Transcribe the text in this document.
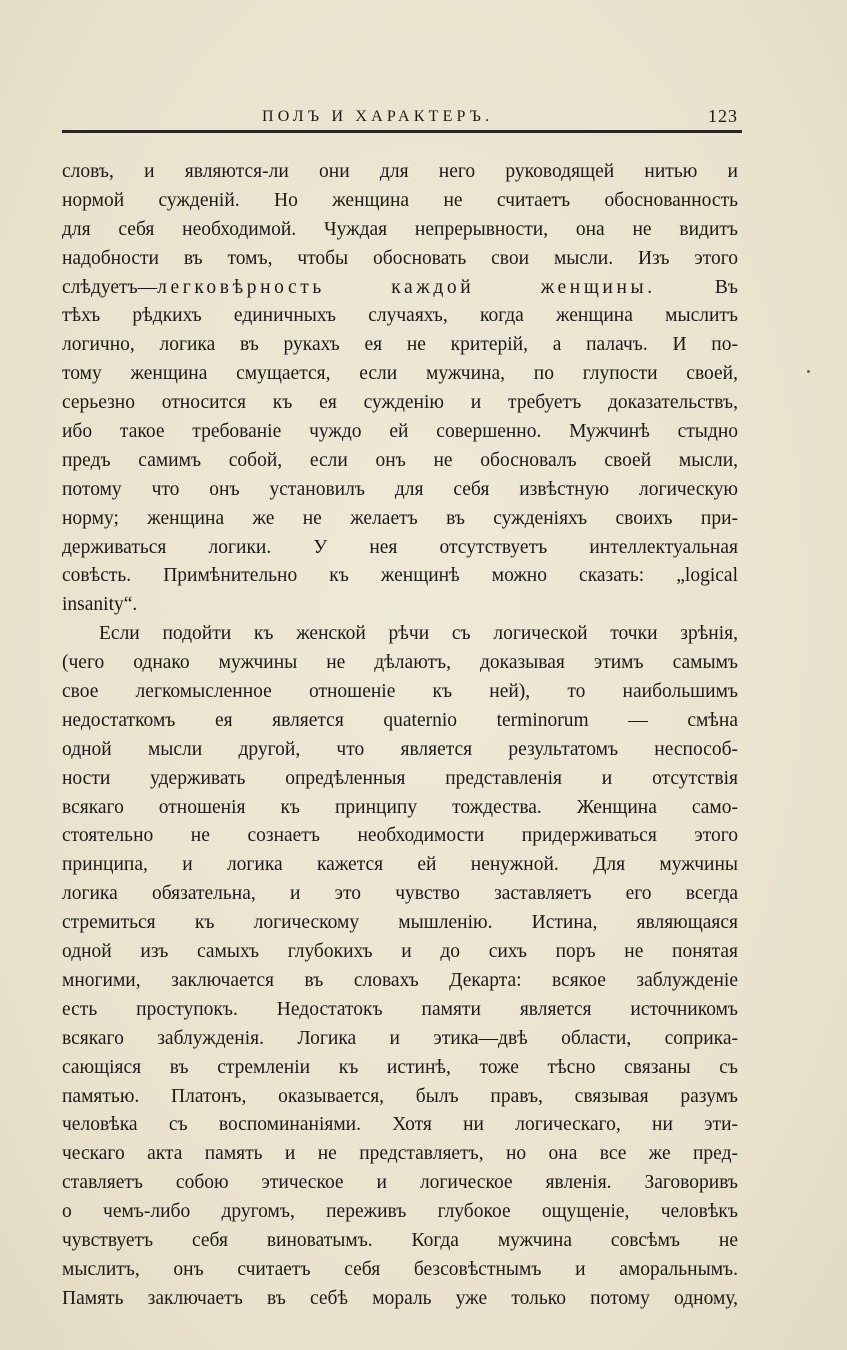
ПОЛЪ И ХАРАКТЕРЪ.	123
словъ, и являются-ли они для него руководящей нитью и
нормой сужденій. Но женщина не считаетъ обоснованность
для себя необходимой. Чуждая непрерывности, она не видитъ
надобности въ томъ, чтобы обосновать свои мысли. Изъ этого
слѣдуетъ—легковѣрность каждой женщины. Въ
тѣхъ рѣдкихъ единичныхъ случаяхъ, когда женщина мыслитъ
логично, логика въ рукахъ ея не критерій, а палачъ. И по-
тому женщина смущается, если мужчина, по глупости своей,
серьезно относится къ ея сужденію и требуетъ доказательствъ,
ибо такое требованіе чуждо ей совершенно. Мужчинѣ стыдно
предъ самимъ собой, если онъ не обосновалъ своей мысли,
потому что онъ установилъ для себя извѣстную логическую
норму; женщина же не желаетъ въ сужденіяхъ своихъ при-
держиваться логики. У нея отсутствуетъ интеллектуальная
совѣсть. Примѣнительно къ женщинѣ можно сказать: „logical
insanity“.
Если подойти къ женской рѣчи съ логической точки зрѣнія,
(чего однако мужчины не дѣлаютъ, доказывая этимъ самымъ
свое легкомысленное отношеніе къ ней), то наибольшимъ
недостаткомъ ея является quaternio terminorum — смѣна
одной мысли другой, что является результатомъ неспособ-
ности удерживать опредѣленныя представленія и отсутствія
всякаго отношенія къ принципу тождества. Женщина само-
стоятельно не сознаетъ необходимости придерживаться этого
принципа, и логика кажется ей ненужной. Для мужчины
логика обязательна, и это чувство заставляетъ его всегда
стремиться къ логическому мышленію. Истина, являющаяся
одной изъ самыхъ глубокихъ и до сихъ поръ не понятая
многими, заключается въ словахъ Декарта: всякое заблужденіе
есть проступокъ. Недостатокъ памяти является источникомъ
всякаго заблужденія. Логика и этика—двѣ области, соприка-
сающіяся въ стремленіи къ истинѣ, тоже тѣсно связаны съ
памятью. Платонъ, оказывается, былъ правъ, связывая разумъ
человѣка съ воспоминаніями. Хотя ни логическаго, ни эти-
ческаго акта память и не представляетъ, но она все же пред-
ставляетъ собою этическое и логическое явленія. Заговоривъ
о чемъ-либо другомъ, переживъ глубокое ощущеніе, человѣкъ
чувствуетъ себя виноватымъ. Когда мужчина совсѣмъ не
мыслитъ, онъ считаетъ себя безсовѣстнымъ и аморальнымъ.
Память заключаетъ въ себѣ мораль уже только потому одному,
